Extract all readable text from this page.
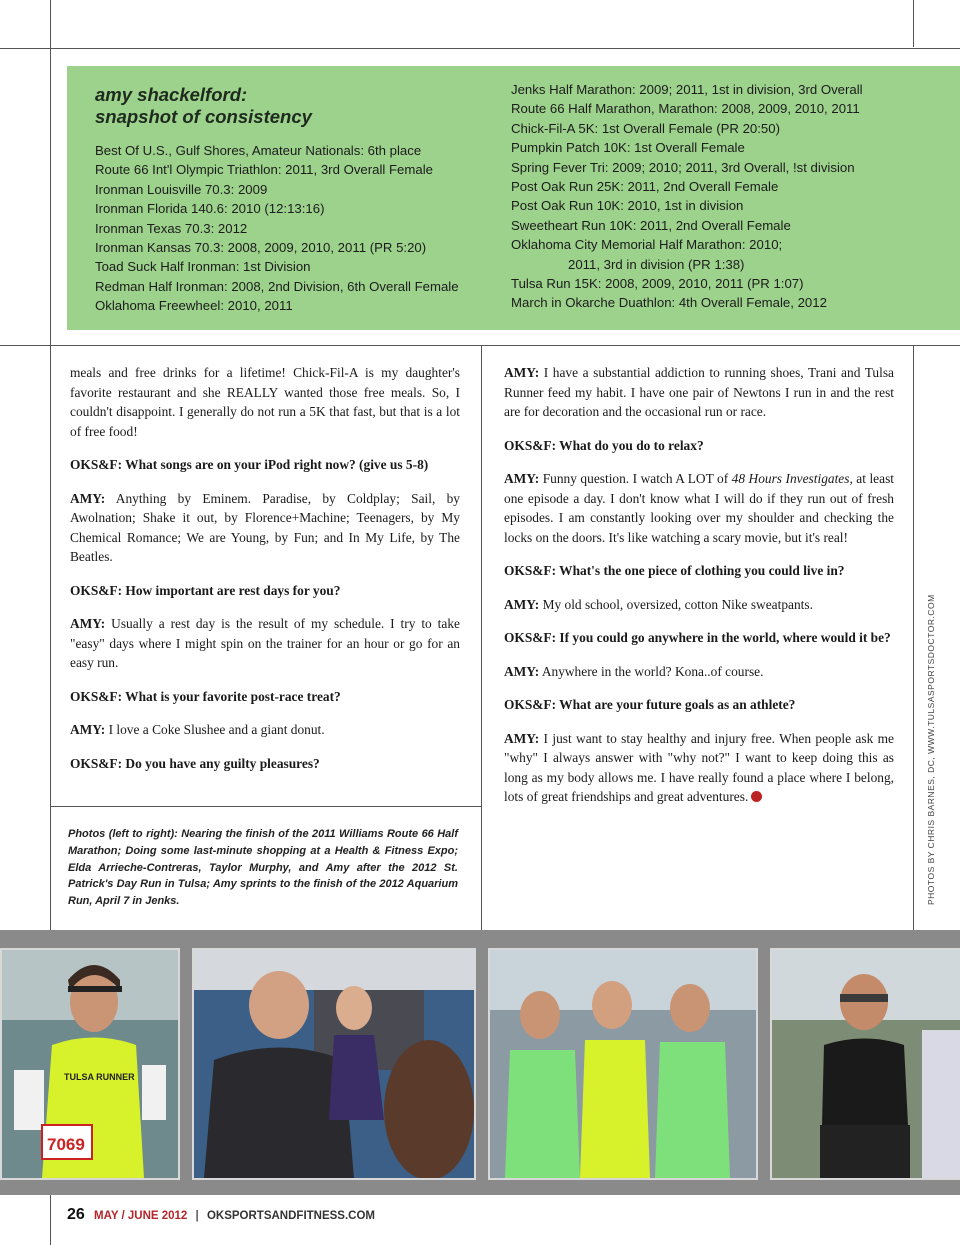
amy shackelford:
snapshot of consistency
Best Of U.S., Gulf Shores, Amateur Nationals: 6th place
Route 66 Int'l Olympic Triathlon: 2011, 3rd Overall Female
Ironman Louisville 70.3: 2009
Ironman Florida 140.6: 2010 (12:13:16)
Ironman Texas 70.3: 2012
Ironman Kansas 70.3: 2008, 2009, 2010, 2011 (PR 5:20)
Toad Suck Half Ironman: 1st Division
Redman Half Ironman: 2008, 2nd Division, 6th Overall Female
Oklahoma Freewheel: 2010, 2011
Jenks Half Marathon: 2009; 2011, 1st in division, 3rd Overall
Route 66 Half Marathon, Marathon: 2008, 2009, 2010, 2011
Chick-Fil-A 5K: 1st Overall Female (PR 20:50)
Pumpkin Patch 10K: 1st Overall Female
Spring Fever Tri: 2009; 2010; 2011, 3rd Overall, !st division
Post Oak Run 25K: 2011, 2nd Overall Female
Post Oak Run 10K: 2010, 1st in division
Sweetheart Run 10K: 2011, 2nd Overall Female
Oklahoma City Memorial Half Marathon: 2010;
2011, 3rd in division (PR 1:38)
Tulsa Run 15K: 2008, 2009, 2010, 2011 (PR 1:07)
March in Okarche Duathlon: 4th Overall Female, 2012

meals and free drinks for a lifetime! Chick-Fil-A is my daughter's favorite restaurant and she REALLY wanted those free meals. So, I couldn't disappoint. I generally do not run a 5K that fast, but that is a lot of free food!

OKS&F: What songs are on your iPod right now? (give us 5-8)

AMY: Anything by Eminem. Paradise, by Coldplay; Sail, by Awolnation; Shake it out, by Florence+Machine; Teenagers, by My Chemical Romance; We are Young, by Fun; and In My Life, by The Beatles.

OKS&F: How important are rest days for you?

AMY: Usually a rest day is the result of my schedule. I try to take "easy" days where I might spin on the trainer for an hour or go for an easy run.

OKS&F: What is your favorite post-race treat?

AMY: I love a Coke Slushee and a giant donut.

OKS&F: Do you have any guilty pleasures?

Photos (left to right): Nearing the finish of the 2011 Williams Route 66 Half Marathon; Doing some last-minute shopping at a Health & Fitness Expo; Elda Arrieche-Contreras, Taylor Murphy, and Amy after the 2012 St. Patrick's Day Run in Tulsa; Amy sprints to the finish of the 2012 Aquarium Run, April 7 in Jenks.

AMY: I have a substantial addiction to running shoes, Trani and Tulsa Runner feed my habit. I have one pair of Newtons I run in and the rest are for decoration and the occasional run or race.

OKS&F: What do you do to relax?

AMY: Funny question. I watch A LOT of 48 Hours Investigates, at least one episode a day. I don't know what I will do if they run out of fresh episodes. I am constantly looking over my shoulder and checking the locks on the doors. It's like watching a scary movie, but it's real!

OKS&F: What's the one piece of clothing you could live in?

AMY: My old school, oversized, cotton Nike sweatpants.

OKS&F: If you could go anywhere in the world, where would it be?

AMY: Anywhere in the world? Kona..of course.

OKS&F: What are your future goals as an athlete?

AMY: I just want to stay healthy and injury free. When people ask me "why" I always answer with "why not?" I want to keep doing this as long as my body allows me. I have really found a place where I belong, lots of great friendships and great adventures.	PHOTOS BY CHRIS BARNES, DC, WWW.TULSASPORTSDOCTOR.COM
7069
TULSA RUNNER
26 MAY / JUNE 2012 | OKSPORTSANDFITNESS.COM
